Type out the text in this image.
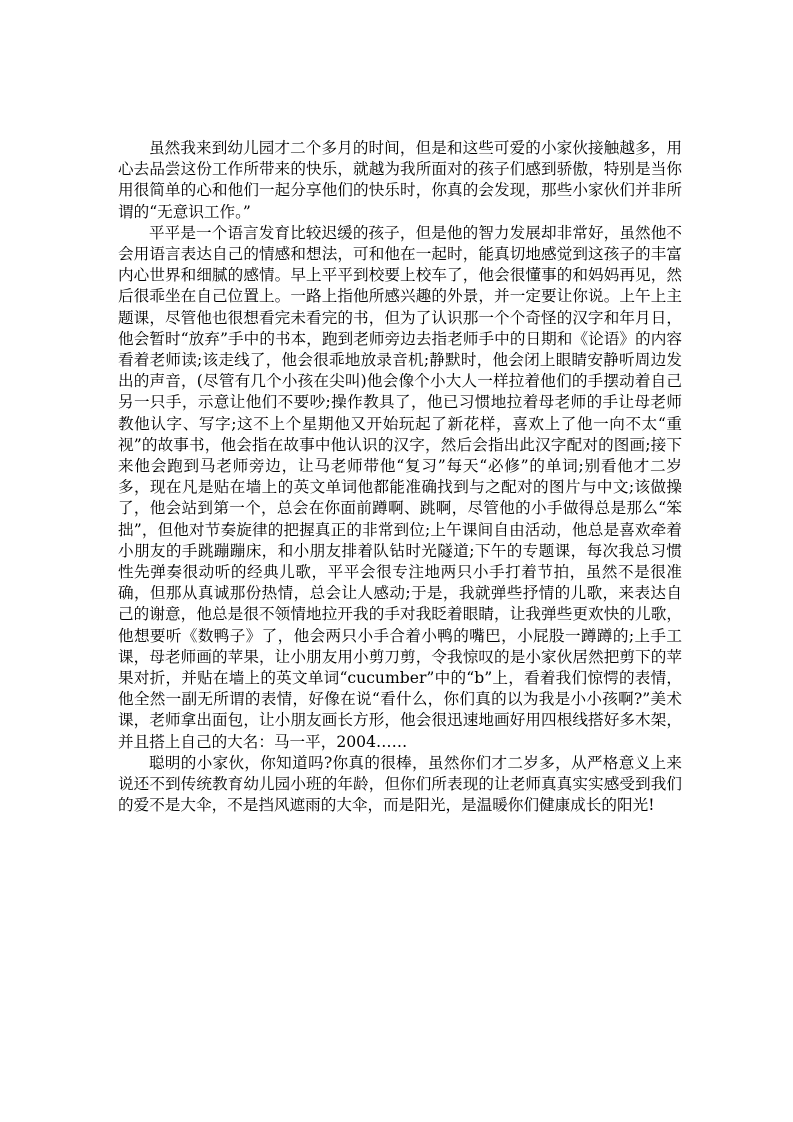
虽然我来到幼儿园才二个多月的时间，但是和这些可爱的小家伙接触越多，用心去品尝这份工作所带来的快乐，就越为我所面对的孩子们感到骄傲，特别是当你用很简单的心和他们一起分享他们的快乐时，你真的会发现，那些小家伙们并非所谓的“无意识工作。”

平平是一个语言发育比较迟缓的孩子，但是他的智力发展却非常好，虽然他不会用语言表达自己的情感和想法，可和他在一起时，能真切地感觉到这孩子的丰富内心世界和细腻的感情。早上平平到校要上校车了，他会很懂事的和妈妈再见，然后很乖坐在自己位置上。一路上指他所感兴趣的外景，并一定要让你说。上午上主题课，尽管他也很想看完未看完的书，但为了认识那一个个奇怪的汉字和年月日，他会暂时“放弃”手中的书本，跑到老师旁边去指老师手中的日期和《论语》的内容看着老师读;该走线了，他会很乖地放录音机;静默时，他会闭上眼睛安静听周边发出的声音，(尽管有几个小孩在尖叫)他会像个小大人一样拉着他们的手摆动着自己另一只手，示意让他们不要吵;操作教具了，他已习惯地拉着母老师的手让母老师教他认字、写字;这不上个星期他又开始玩起了新花样，喜欢上了他一向不太“重视”的故事书，他会指在故事中他认识的汉字，然后会指出此汉字配对的图画;接下来他会跑到马老师旁边，让马老师带他“复习”每天“必修”的单词;别看他才二岁多，现在凡是贴在墙上的英文单词他都能准确找到与之配对的图片与中文;该做操了，他会站到第一个，总会在你面前蹲啊、跳啊，尽管他的小手做得总是那么“笨拙”，但他对节奏旋律的把握真正的非常到位;上午课间自由活动，他总是喜欢牵着小朋友的手跳蹦蹦床，和小朋友排着队钻时光隧道;下午的专题课，每次我总习惯性先弹奏很动听的经典儿歌，平平会很专注地两只小手打着节拍，虽然不是很准确，但那从真诚那份热情，总会让人感动;于是，我就弹些抒情的儿歌，来表达自己的谢意，他总是很不领情地拉开我的手对我眨着眼睛，让我弹些更欢快的儿歌，他想要听《数鸭子》了，他会两只小手合着小鸭的嘴巴，小屁股一蹲蹲的;上手工课，母老师画的苹果，让小朋友用小剪刀剪，令我惊叹的是小家伙居然把剪下的苹果对折，并贴在墙上的英文单词“cucumber”中的“b”上，看着我们惊愕的表情，他全然一副无所谓的表情，好像在说“看什么，你们真的以为我是小小孩啊?”美术课，老师拿出面包，让小朋友画长方形，他会很迅速地画好用四根线搭好多木架，并且搭上自己的大名：马一平，2004……

聪明的小家伙，你知道吗?你真的很棒，虽然你们才二岁多，从严格意义上来说还不到传统教育幼儿园小班的年龄，但你们所表现的让老师真真实实感受到我们的爱不是大伞，不是挡风遮雨的大伞，而是阳光，是温暖你们健康成长的阳光!
